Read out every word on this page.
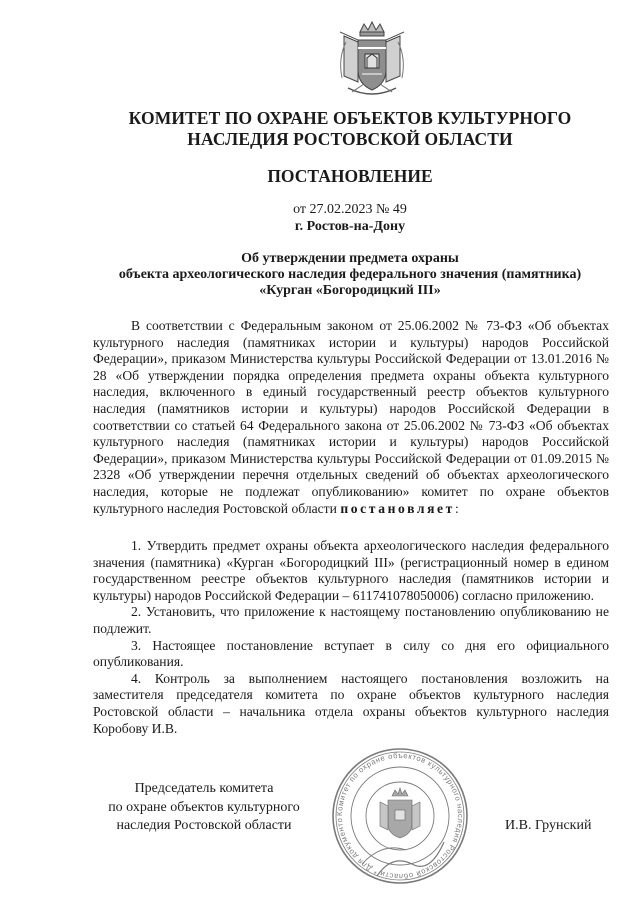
КОМИТЕТ ПО ОХРАНЕ ОБЪЕКТОВ КУЛЬТУРНОГО
НАСЛЕДИЯ РОСТОВСКОЙ ОБЛАСТИ
ПОСТАНОВЛЕНИЕ
от 27.02.2023 № 49
г. Ростов-на-Дону
Об утверждении предмета охраны
объекта археологического наследия федерального значения (памятника)
«Курган «Богородицкий III»
В соответствии с Федеральным законом от 25.06.2002 № 73-ФЗ «Об объектах культурного наследия (памятниках истории и культуры) народов Российской Федерации», приказом Министерства культуры Российской Федерации от 13.01.2016 № 28 «Об утверждении порядка определения предмета охраны объекта культурного наследия, включенного в единый государственный реестр объектов культурного наследия (памятников истории и культуры) народов Российской Федерации в соответствии со статьей 64 Федерального закона от 25.06.2002 № 73-ФЗ «Об объектах культурного наследия (памятниках истории и культуры) народов Российской Федерации», приказом Министерства культуры Российской Федерации от 01.09.2015 № 2328 «Об утверждении перечня отдельных сведений об объектах археологического наследия, которые не подлежат опубликованию» комитет по охране объектов культурного наследия Ростовской области постановляет:
1. Утвердить предмет охраны объекта археологического наследия федерального значения (памятника) «Курган «Богородицкий III» (регистрационный номер в едином государственном реестре объектов культурного наследия (памятников истории и культуры) народов Российской Федерации – 611741078050006) согласно приложению.
2. Установить, что приложение к настоящему постановлению опубликованию не подлежит.
3. Настоящее постановление вступает в силу со дня его официального опубликования.
4. Контроль за выполнением настоящего постановления возложить на заместителя председателя комитета по охране объектов культурного наследия Ростовской области – начальника отдела охраны объектов культурного наследия Коробову И.В.
Председатель комитета
по охране объектов культурного
наследия Ростовской области
Комитет по охране объектов культурного наследия Ростовской области * Для документо	И.В. Грунский
